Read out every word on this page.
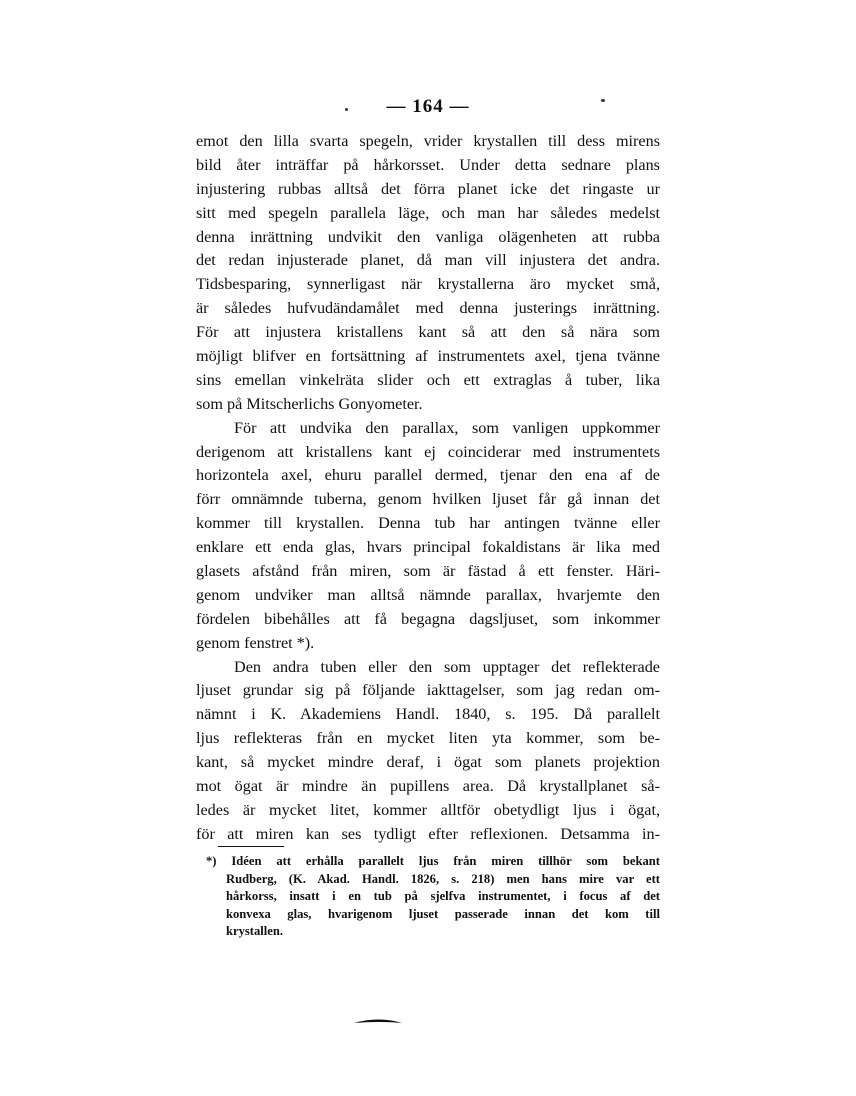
— 164 —
emot den lilla svarta spegeln, vrider krystallen till dess mirens
bild åter inträffar på hårkorsset. Under detta sednare plans
injustering rubbas alltså det förra planet icke det ringaste ur
sitt med spegeln parallela läge, och man har således medelst
denna inrättning undvikit den vanliga olägenheten att rubba
det redan injusterade planet, då man vill injustera det andra.
Tidsbesparing, synnerligast när krystallerna äro mycket små,
är således hufvudändamålet med denna justerings inrättning.
För att injustera kristallens kant så att den så nära som
möjligt blifver en fortsättning af instrumentets axel, tjena tvänne
sins emellan vinkelräta slider och ett extraglas å tuber, lika
som på Mitscherlichs Gonyometer.
För att undvika den parallax, som vanligen uppkommer
derigenom att kristallens kant ej coinciderar med instrumentets
horizontela axel, ehuru parallel dermed, tjenar den ena af de
förr omnämnde tuberna, genom hvilken ljuset får gå innan det
kommer till krystallen. Denna tub har antingen tvänne eller
enklare ett enda glas, hvars principal fokaldistans är lika med
glasets afstånd från miren, som är fästad å ett fenster. Häri-
genom undviker man alltså nämnde parallax, hvarjemte den
fördelen bibehålles att få begagna dagsljuset, som inkommer
genom fenstret *).
Den andra tuben eller den som upptager det reflekterade
ljuset grundar sig på följande iakttagelser, som jag redan om-
nämnt i K. Akademiens Handl. 1840, s. 195. Då parallelt
ljus reflekteras från en mycket liten yta kommer, som be-
kant, så mycket mindre deraf, i ögat som planets projektion
mot ögat är mindre än pupillens area. Då krystallplanet så-
ledes är mycket litet, kommer alltför obetydligt ljus i ögat,
för att miren kan ses tydligt efter reflexionen. Detsamma in-
*) Idéen att erhålla parallelt ljus från miren tillhör som bekant
Rudberg, (K. Akad. Handl. 1826, s. 218) men hans mire var ett
hårkorss, insatt i en tub på sjelfva instrumentet, i focus af det
konvexa glas, hvarigenom ljuset passerade innan det kom till
krystallen.
